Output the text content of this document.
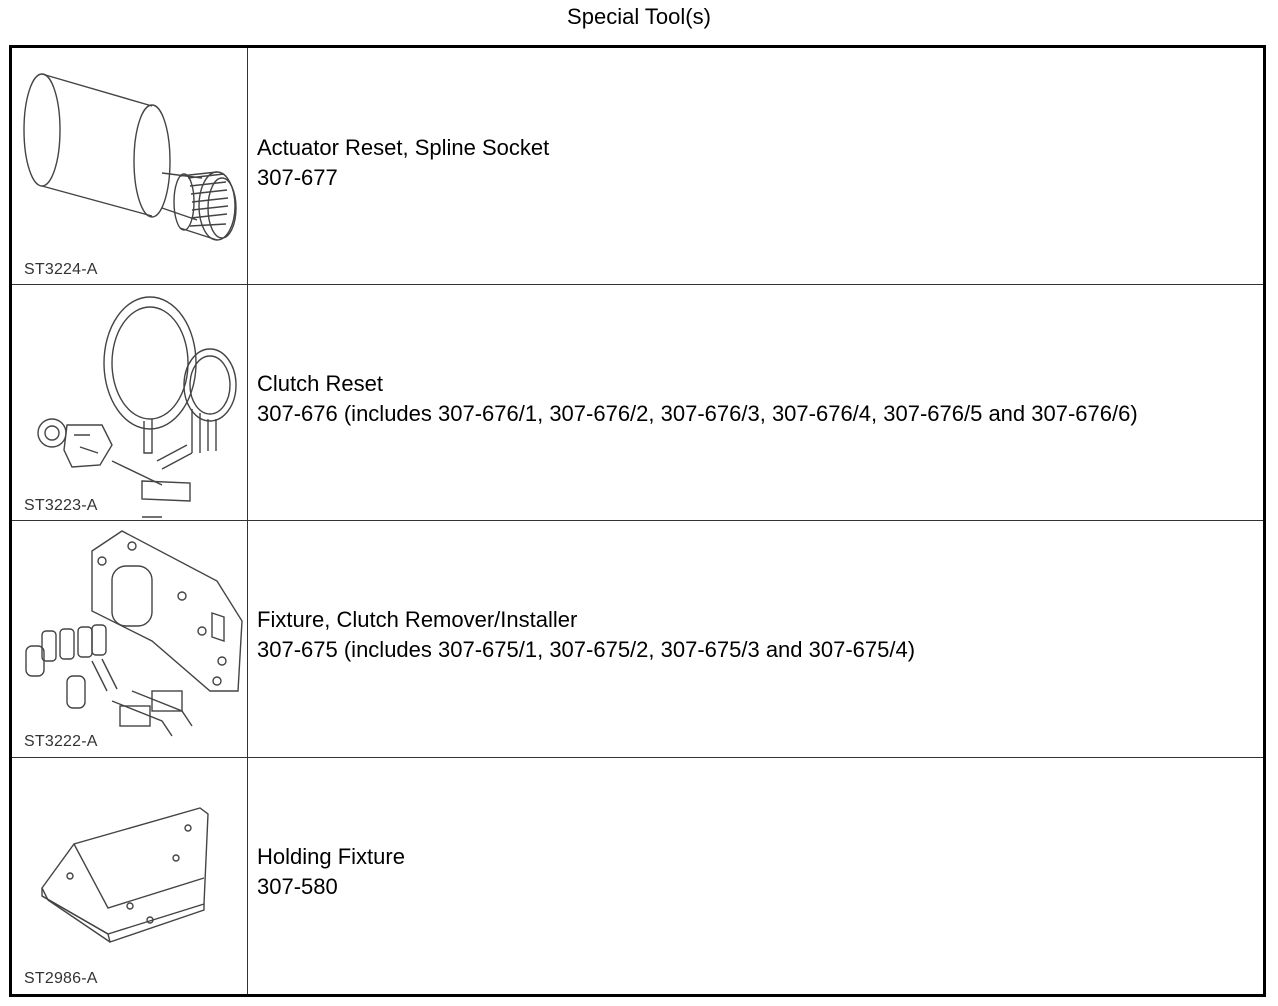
Special Tool(s)
ST3224-A
Actuator Reset, Spline Socket
307-677
ST3223-A
Clutch Reset
307-676 (includes 307-676/1, 307-676/2, 307-676/3, 307-676/4, 307-676/5 and 307-676/6)
ST3222-A
Fixture, Clutch Remover/Installer
307-675 (includes 307-675/1, 307-675/2, 307-675/3 and 307-675/4)
ST2986-A
Holding Fixture
307-580
